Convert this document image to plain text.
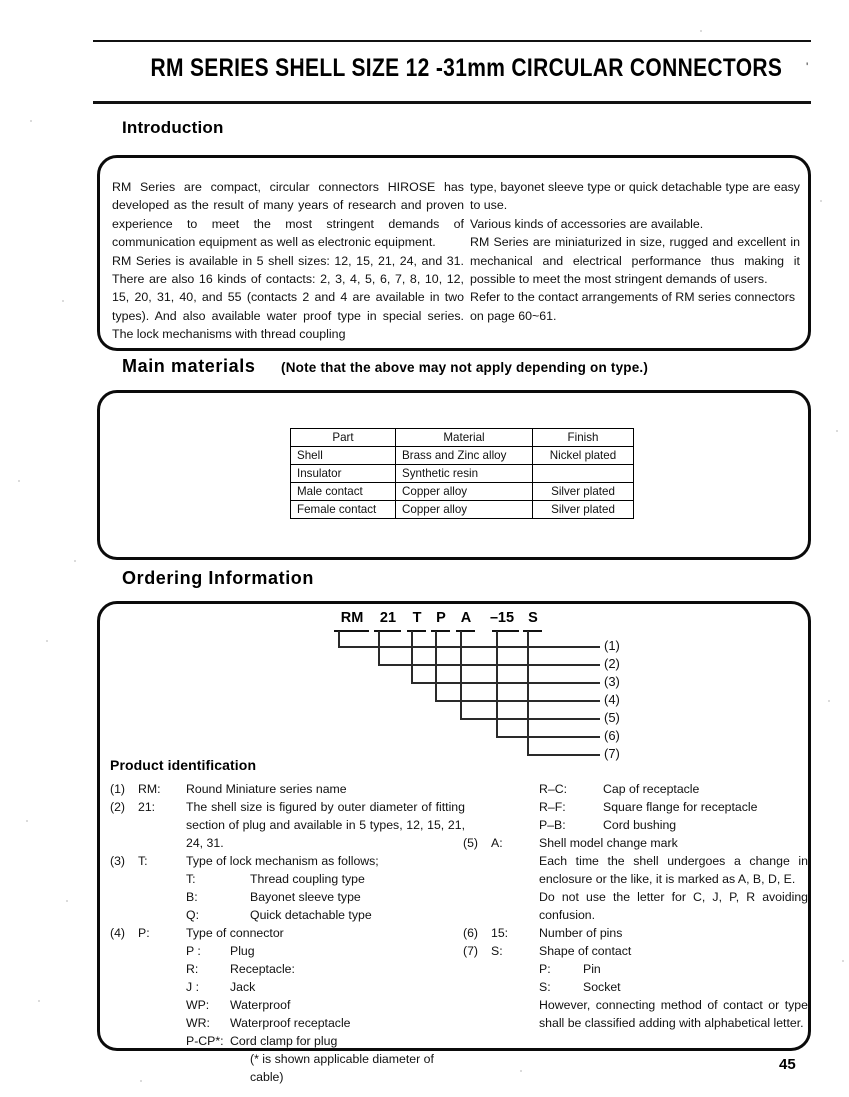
RM SERIES SHELL SIZE 12 -31mm CIRCULAR CONNECTORS '
Introduction

RM Series are compact, circular connectors HIROSE has developed as the result of many years of research and proven experience to meet the most stringent demands of communication equipment as well as electronic equipment.

RM Series is available in 5 shell sizes: 12, 15, 21, 24, and 31. There are also 16 kinds of contacts: 2, 3, 4, 5, 6, 7, 8, 10, 12, 15, 20, 31, 40, and 55 (contacts 2 and 4 are available in two types). And also available water proof type in special series. The lock mechanisms with thread coupling

type, bayonet sleeve type or quick detachable type are easy to use.

Various kinds of accessories are available.

RM Series are miniaturized in size, rugged and excellent in mechanical and electrical performance thus making it possible to meet the most stringent demands of users.

Refer to the contact arrangements of RM series connectors on page 60~61.

Main materials (Note that the above may not apply depending on type.)
Part	Material	Finish
Shell	Brass and Zinc alloy	Nickel plated
Insulator	Synthetic resin	
Male contact	Copper alloy	Silver plated
Female contact	Copper alloy	Silver plated
Ordering Information
RM	21	T	P A	– 15 S
(1)
(2)
(3)
(4)
(5)
(6)
(7)
Product identification
(1)	RM:	Round Miniature series name
(2)	21:	The shell size is figured by outer diameter of fitting section of plug and available in 5 types, 12, 15, 21, 24, 31.
(3)	T:	Type of lock mechanism as follows;
T:	Thread coupling type
B:	Bayonet sleeve type
Q:	Quick detachable type
(4)	P:	Type of connector
P :	Plug
R:	Receptacle:
J :	Jack
WP:	Waterproof
WR:	Waterproof receptacle
P-CP*: Cord clamp for plug
(* is shown applicable diameter of cable)
R–C:	Cap of receptacle
R–F:	Square flange for receptacle
P–B:	Cord bushing
(5)	A:	Shell model change mark
Each time the shell undergoes a change in enclosure or the like, it is marked as A, B, D, E.
Do not use the letter for C, J, P, R avoiding confusion.
(6)	15:	Number of pins
(7)	S:	Shape of contact
P:	Pin
S:	Socket
However, connecting method of contact or type shall be classified adding with alphabetical letter.
45
